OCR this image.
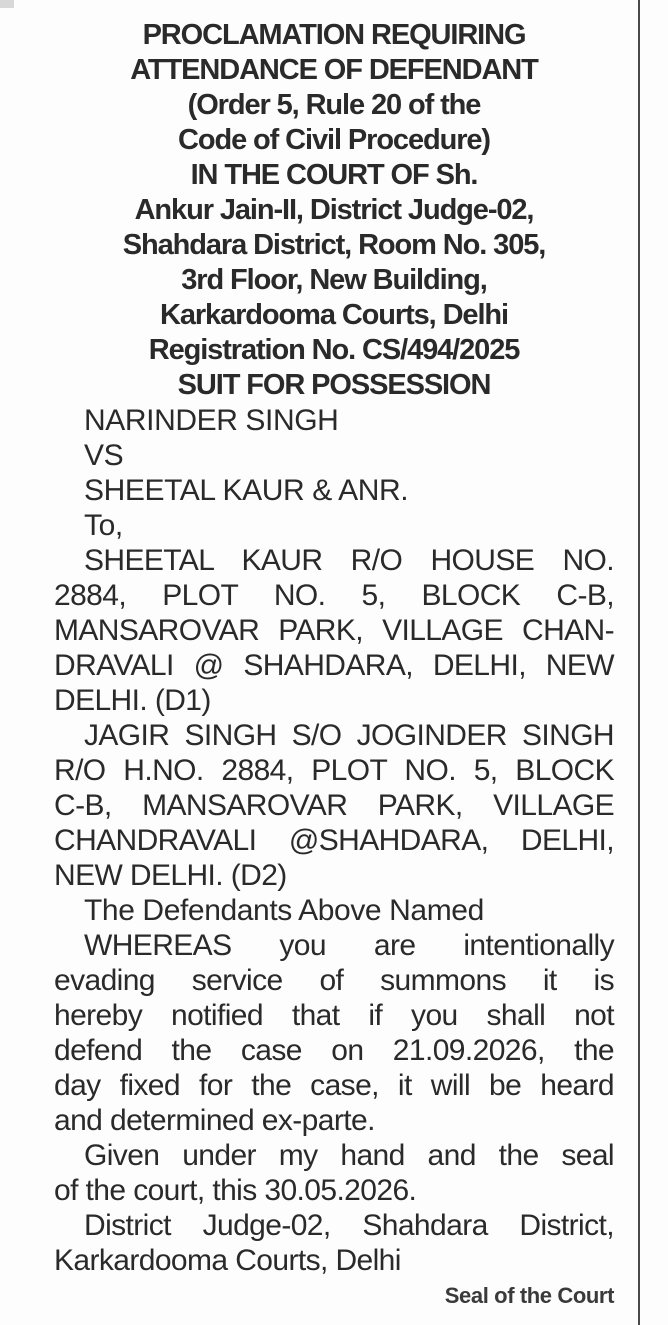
PROCLAMATION REQUIRING
ATTENDANCE OF DEFENDANT
(Order 5, Rule 20 of the
Code of Civil Procedure)
IN THE COURT OF Sh.
Ankur Jain-II, District Judge-02,
Shahdara District, Room No. 305,
3rd Floor, New Building,
Karkardooma Courts, Delhi
Registration No. CS/494/2025
SUIT FOR POSSESSION
NARINDER SINGH
VS
SHEETAL KAUR & ANR.
To,
SHEETAL KAUR R/O HOUSE NO.
2884, PLOT NO. 5, BLOCK C-B,
MANSAROVAR PARK, VILLAGE CHAN-
DRAVALI @ SHAHDARA, DELHI, NEW
DELHI. (D1)
JAGIR SINGH S/O JOGINDER SINGH
R/O H.NO. 2884, PLOT NO. 5, BLOCK
C-B, MANSAROVAR PARK, VILLAGE
CHANDRAVALI @SHAHDARA, DELHI,
NEW DELHI. (D2)
The Defendants Above Named
WHEREAS you are intentionally
evading service of summons it is
hereby notified that if you shall not
defend the case on 21.09.2026, the
day fixed for the case, it will be heard
and determined ex-parte.
Given under my hand and the seal
of the court, this 30.05.2026.
District Judge-02, Shahdara District,
Karkardooma Courts, Delhi
Seal of the Court
